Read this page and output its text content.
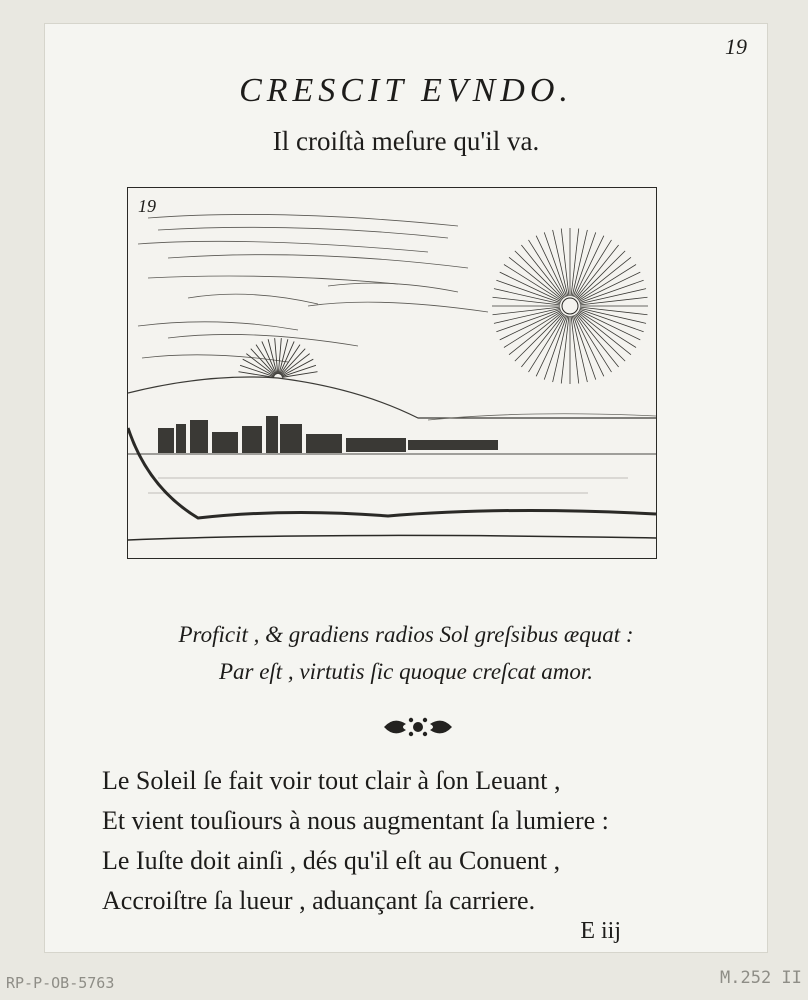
19
CRESCIT EVNDO.
Il croiſtà meſure qu'il va.
19
Proficit , & gradiens radios Sol greſsibus æquat :
Par eſt , virtutis ſic quoque creſcat amor.
Le Soleil ſe fait voir tout clair à ſon Leuant ,
Et vient touſiours à nous augmentant ſa lumiere :
Le Iuſte doit ainſi , dés qu'il eſt au Conuent ,
Accroiſtre ſa lueur , aduançant ſa carriere.
E iij
RP-P-OB-5763	M.252 II
